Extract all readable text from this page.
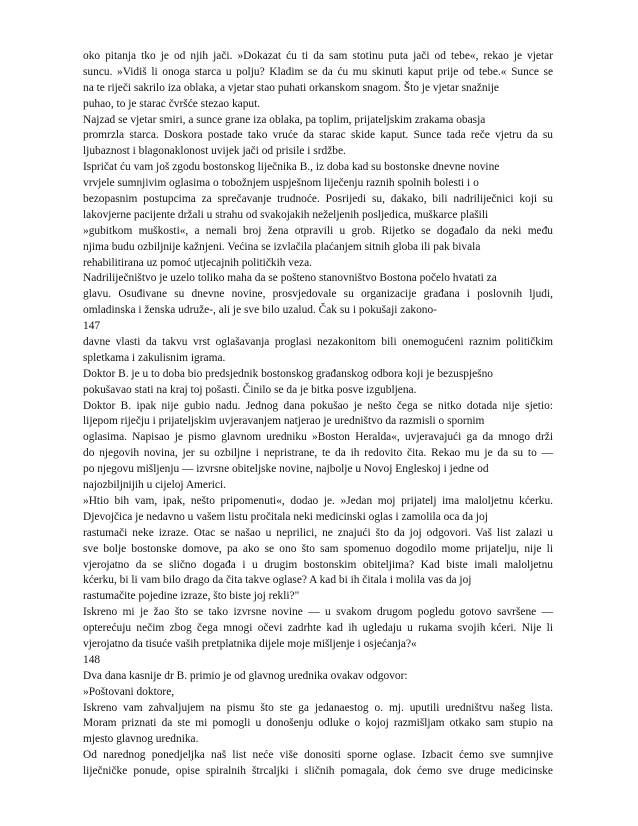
oko pitanja tko je od njih jači. »Dokazat ću ti da sam stotinu puta jači od tebe«, rekao je vjetar
suncu. »Vidiš li onoga starca u polju? Kladim se da ću mu skinuti kaput prije od tebe.« Sunce se
na te riječi sakrilo iza oblaka, a vjetar stao puhati orkanskom snagom. Što je vjetar snažnije
puhao, to je starac čvršće stezao kaput.
Najzad se vjetar smiri, a sunce grane iza oblaka, pa toplim, prijateljskim zrakama obasja
promrzla starca. Doskora postade tako vruće da starac skide kaput. Sunce tada reče vjetru da su
ljubaznost i blagonaklonost uvijek jači od prisile i srdžbe.
Ispričat ću vam još zgodu bostonskog liječnika B., iz doba kad su bostonske dnevne novine
vrvjele sumnjivim oglasima o tobožnjem uspješnom liječenju raznih spolnih bolesti i o
bezopasnim postupcima za sprečavanje trudnoće. Posrijedi su, dakako, bili nadriliječnici koji su
lakovjerne pacijente držali u strahu od svakojakih neželjenih posljedica, muškarce plašili
»gubitkom muškosti«, a nemali broj žena otpravili u grob. Rijetko se događalo da neki među
njima budu ozbiljnije kažnjeni. Većina se izvlačila plaćanjem sitnih globa ili pak bivala
rehabilitirana uz pomoć utjecajnih političkih veza.
Nadriliječništvo je uzelo toliko maha da se pošteno stanovništvo Bostona počelo hvatati za
glavu. Osuđivane su dnevne novine, prosvjedovale su organizacije građana i poslovnih ljudi,
omladinska i ženska udruže-, ali je sve bilo uzalud. Čak su i pokušaji zakono-
147
davne vlasti da takvu vrst oglašavanja proglasi nezakonitom bili onemogućeni raznim političkim
spletkama i zakulisnim igrama.
Doktor B. je u to doba bio predsjednik bostonskog građanskog odbora koji je bezuspješno
pokušavao stati na kraj toj pošasti. Činilo se da je bitka posve izgubljena.
Doktor B. ipak nije gubio nadu. Jednog dana pokušao je nešto čega se nitko dotada nije sjetio:
lijepom riječju i prijateljskim uvjeravanjem natjerao je uredništvo da razmisli o spornim
oglasima. Napisao je pismo glavnom uredniku »Boston Heralda«, uvjeravajući ga da mnogo drži
do njegovih novina, jer su ozbiljne i nepristrane, te da ih redovito čita. Rekao mu je da su to —
po njegovu mišljenju — izvrsne obiteljske novine, najbolje u Novoj Engleskoj i jedne od
najozbiljnijih u cijeloj Americi.
»Htio bih vam, ipak, nešto pripomenuti«, dodao je. »Jedan moj prijatelj ima maloljetnu kćerku.
Djevojčica je nedavno u vašem listu pročitala neki medicinski oglas i zamolila oca da joj
rastumači neke izraze. Otac se našao u neprilici, ne znajući što da joj odgovori. Vaš list zalazi u
sve bolje bostonske domove, pa ako se ono što sam spomenuo dogodilo mome prijatelju, nije li
vjerojatno da se slično događa i u drugim bostonskim obiteljima? Kad biste imali maloljetnu
kćerku, bi li vam bilo drago da čita takve oglase? A kad bi ih čitala i molila vas da joj
rastumačite pojedine izraze, što biste joj rekli?"
Iskreno mi je žao što se tako izvrsne novine — u svakom drugom pogledu gotovo savršene —
opterećuju nečim zbog čega mnogi očevi zadrhte kad ih ugledaju u rukama svojih kćeri. Nije li
vjerojatno da tisuće vaših pretplatnika dijele moje mišljenje i osjećanja?«
148
Dva dana kasnije dr B. primio je od glavnog urednika ovakav odgovor:
»Poštovani doktore,
Iskreno vam zahvaljujem na pismu što ste ga jedanaestog o. mj. uputili uredništvu našeg lista.
Moram priznati da ste mi pomogli u donošenju odluke o kojoj razmišljam otkako sam stupio na
mjesto glavnog urednika.
Od narednog ponedjeljka naš list neće više donositi sporne oglase. Izbacit ćemo sve sumnjive
liječničke ponude, opise spiralnih štrcaljki i sličnih pomagala, dok ćemo sve druge medicinske
